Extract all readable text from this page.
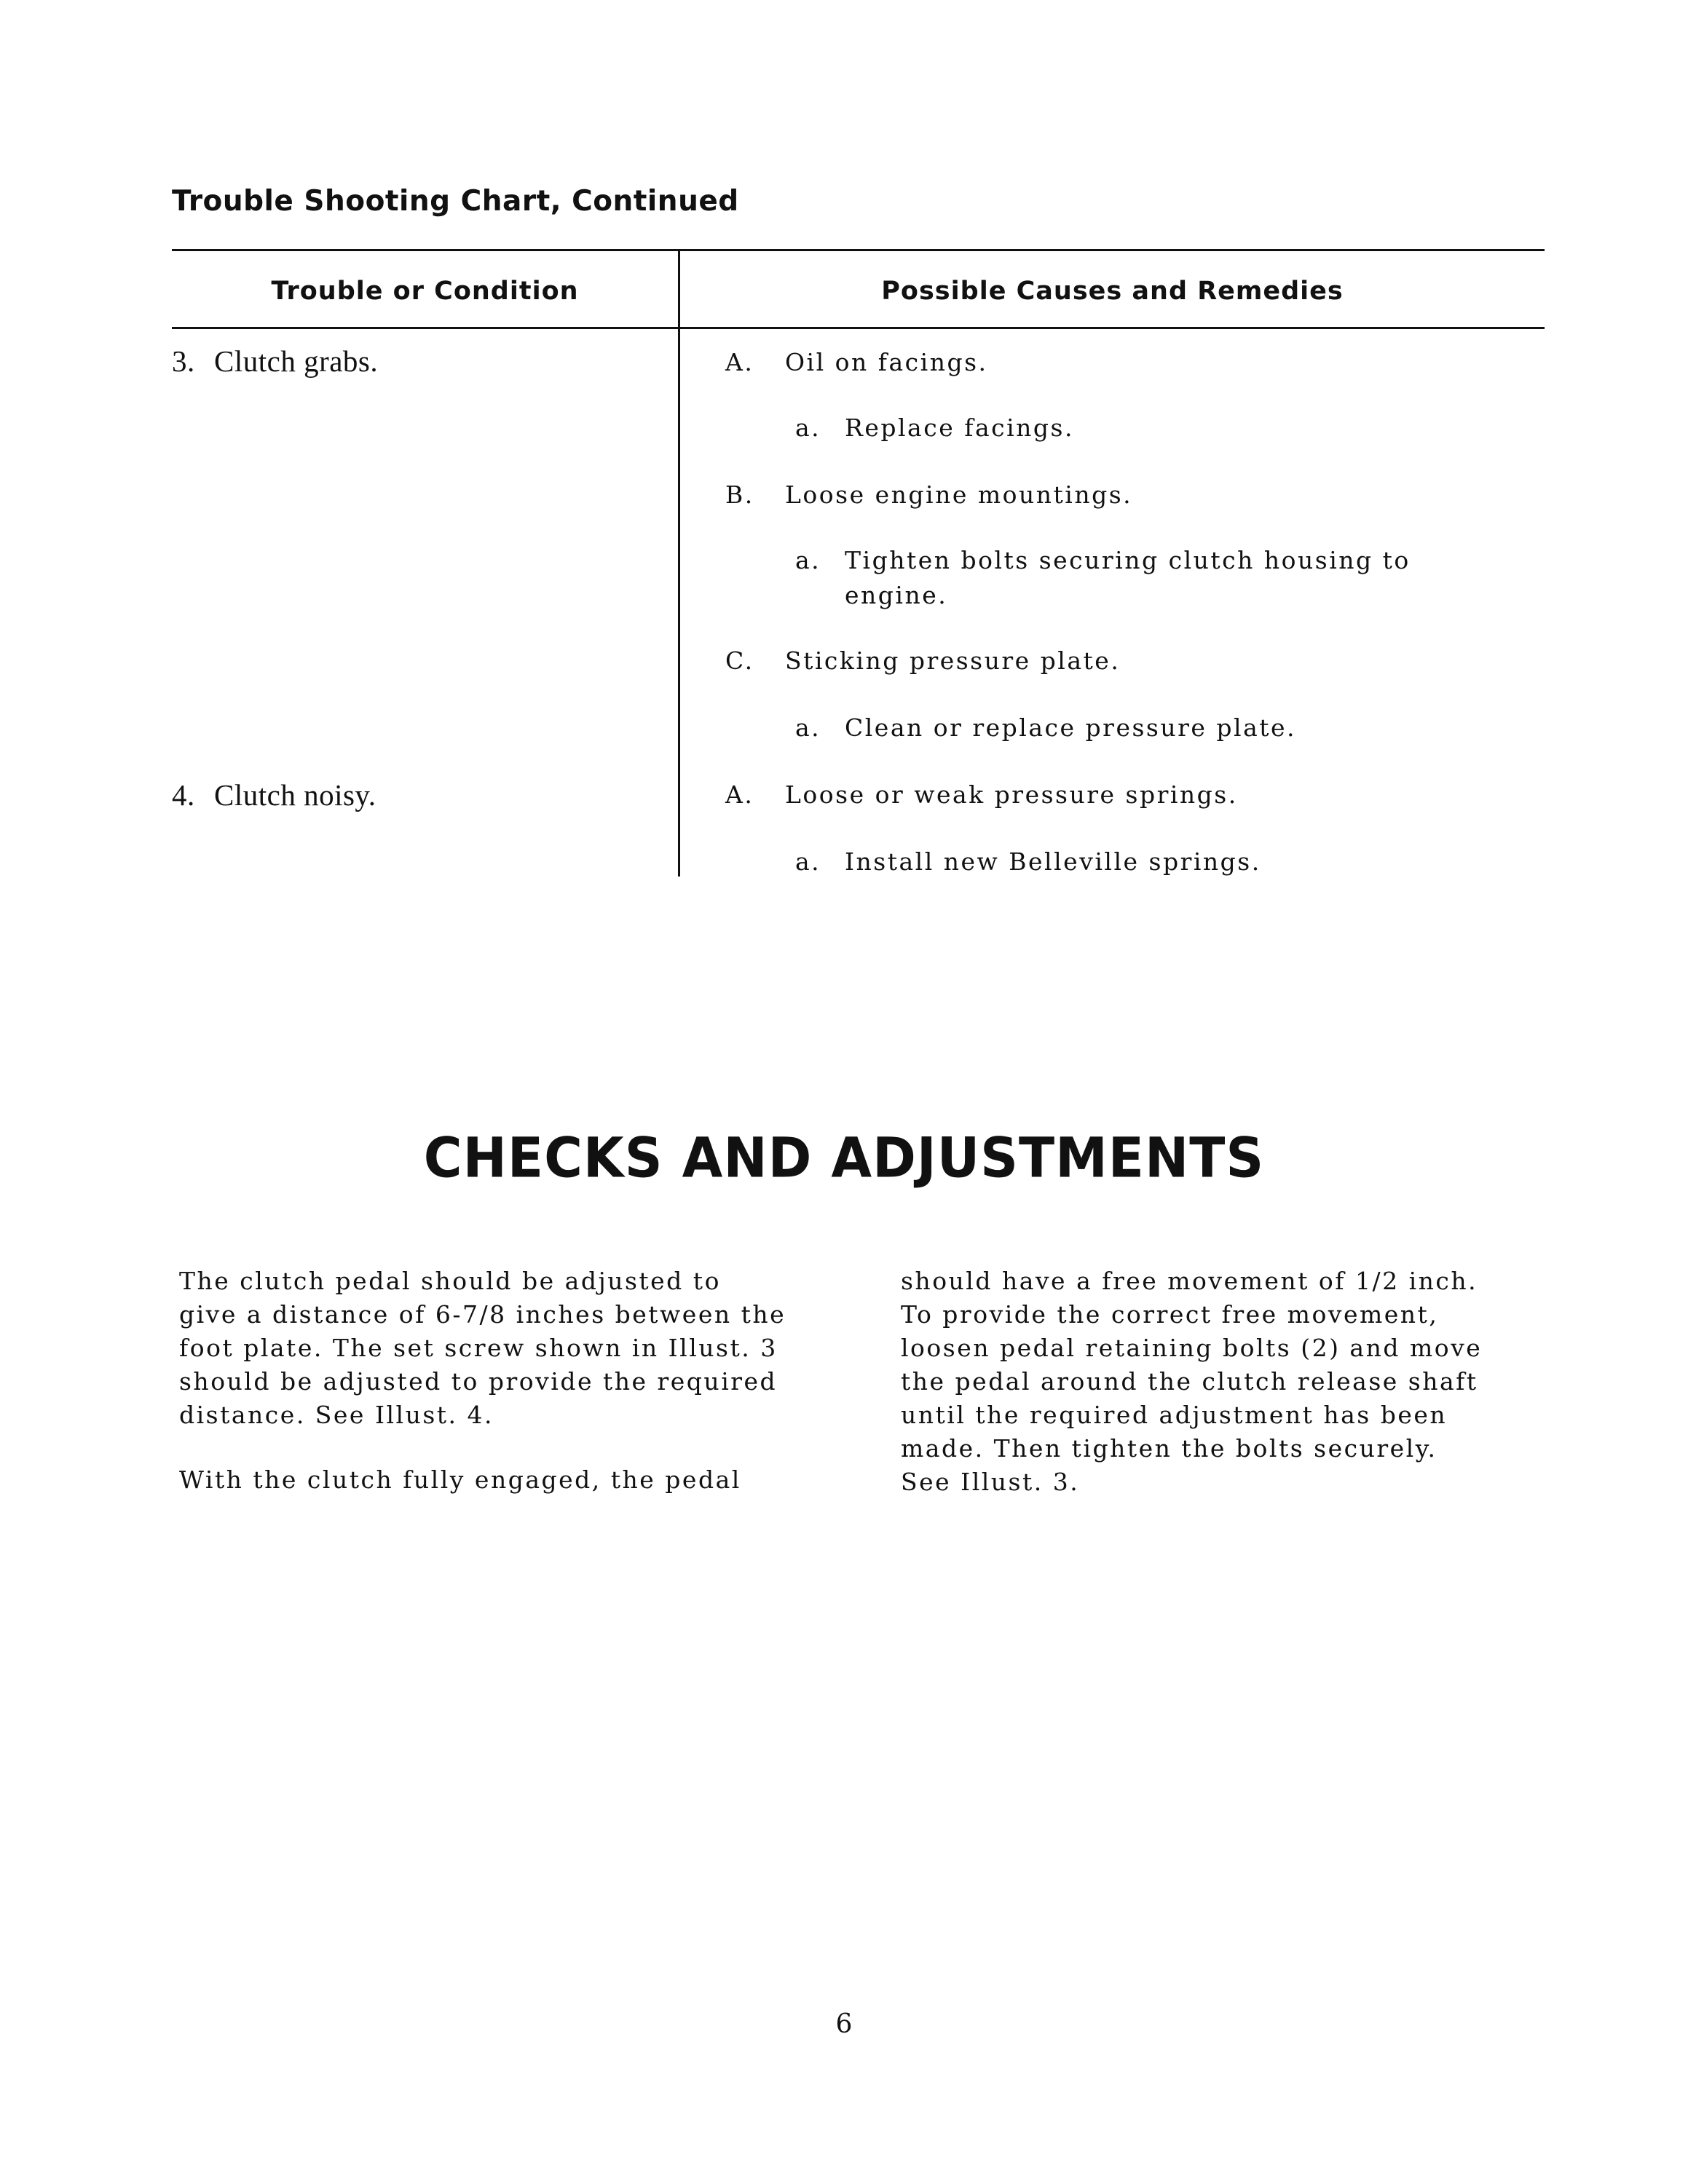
Trouble Shooting Chart, Continued
Trouble or Condition	Possible Causes and Remedies
3. Clutch grabs.	A. Oil on facings.
a. Replace facings.
B. Loose engine mountings.
a. Tighten bolts securing clutch housing to engine.
C. Sticking pressure plate.
a. Clean or replace pressure plate.
4. Clutch noisy.	A. Loose or weak pressure springs.
a. Install new Belleville springs.
CHECKS AND ADJUSTMENTS

The clutch pedal should be adjusted to
give a distance of 6-7/8 inches between the
foot plate. The set screw shown in Illust. 3
should be adjusted to provide the required
distance. See Illust. 4.

With the clutch fully engaged, the pedal

should have a free movement of 1/2 inch.
To provide the correct free movement,
loosen pedal retaining bolts (2) and move
the pedal around the clutch release shaft
until the required adjustment has been
made. Then tighten the bolts securely.
See Illust. 3.

6
